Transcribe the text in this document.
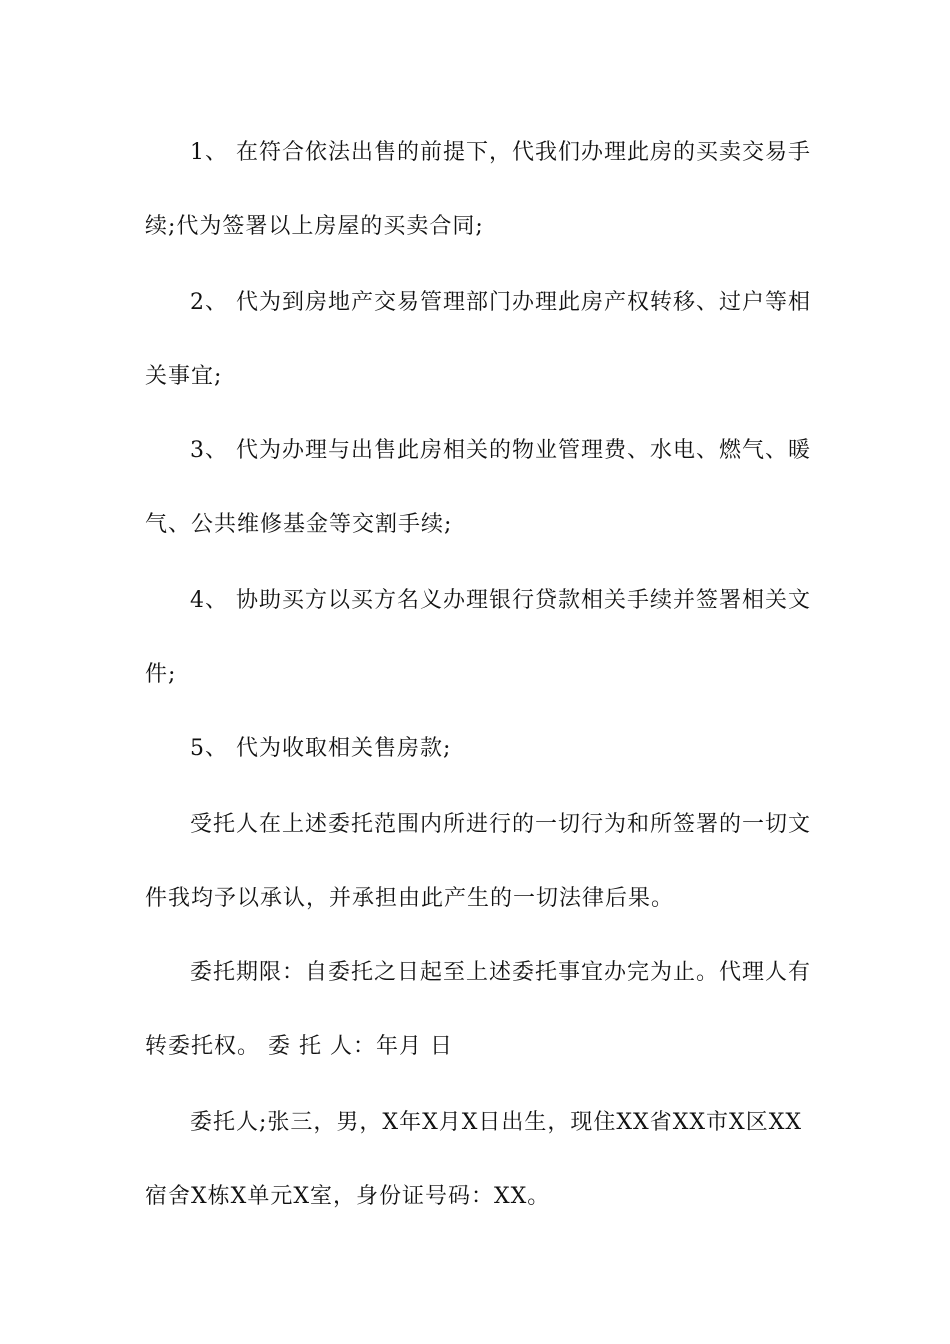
1、 在符合依法出售的前提下，代我们办理此房的买卖交易手
续;代为签署以上房屋的买卖合同;
2、 代为到房地产交易管理部门办理此房产权转移、过户等相
关事宜;
3、 代为办理与出售此房相关的物业管理费、水电、燃气、暖
气、公共维修基金等交割手续;
4、 协助买方以买方名义办理银行贷款相关手续并签署相关文
件;
5、 代为收取相关售房款;
受托人在上述委托范围内所进行的一切行为和所签署的一切文
件我均予以承认，并承担由此产生的一切法律后果。
委托期限：自委托之日起至上述委托事宜办完为止。代理人有
转委托权。 委 托 人：年月 日
委托人;张三，男，X年X月X日出生，现住XX省XX市X区XX
宿舍X栋X单元X室，身份证号码：XX。
